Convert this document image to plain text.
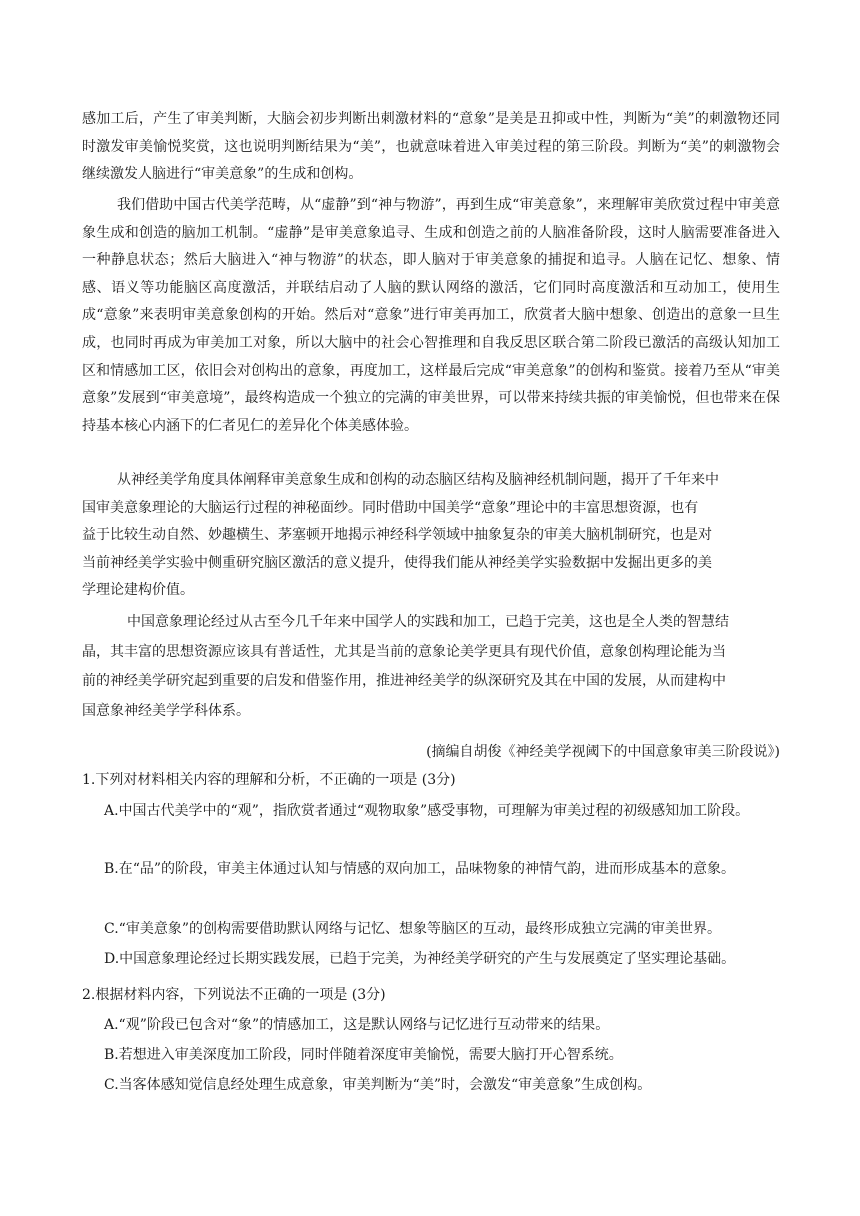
感加工后，产生了审美判断，大脑会初步判断出刺激材料的“意象”是美是丑抑或中性，判断为“美”的刺激物还同时激发审美愉悦奖赏，这也说明判断结果为“美”，也就意味着进入审美过程的第三阶段。判断为“美”的刺激物会继续激发人脑进行“审美意象”的生成和创构。

我们借助中国古代美学范畴，从“虚静”到“神与物游”，再到生成“审美意象”，来理解审美欣赏过程中审美意象生成和创造的脑加工机制。“虚静”是审美意象追寻、生成和创造之前的人脑准备阶段，这时人脑需要准备进入一种静息状态；然后大脑进入“神与物游”的状态，即人脑对于审美意象的捕捉和追寻。人脑在记忆、想象、情感、语义等功能脑区高度激活，并联结启动了人脑的默认网络的激活，它们同时高度激活和互动加工，使用生成“意象”来表明审美意象创构的开始。然后对“意象”进行审美再加工，欣赏者大脑中想象、创造出的意象一旦生成，也同时再成为审美加工对象，所以大脑中的社会心智推理和自我反思区联合第二阶段已激活的高级认知加工区和情感加工区，依旧会对创构出的意象，再度加工，这样最后完成“审美意象”的创构和鉴赏。接着乃至从“审美意象”发展到“审美意境”，最终构造成一个独立的完满的审美世界，可以带来持续共振的审美愉悦，但也带来在保持基本核心内涵下的仁者见仁的差异化个体美感体验。

从神经美学角度具体阐释审美意象生成和创构的动态脑区结构及脑神经机制问题，揭开了千年来中
国审美意象理论的大脑运行过程的神秘面纱。同时借助中国美学“意象”理论中的丰富思想资源，也有
益于比较生动自然、妙趣横生、茅塞顿开地揭示神经科学领域中抽象复杂的审美大脑机制研究，也是对
当前神经美学实验中侧重研究脑区激活的意义提升，使得我们能从神经美学实验数据中发掘出更多的美
学理论建构价值。

中国意象理论经过从古至今几千年来中国学人的实践和加工，已趋于完美，这也是全人类的智慧结
晶，其丰富的思想资源应该具有普适性，尤其是当前的意象论美学更具有现代价值，意象创构理论能为当
前的神经美学研究起到重要的启发和借鉴作用，推进神经美学的纵深研究及其在中国的发展，从而建构中
国意象神经美学学科体系。

(摘编自胡俊《神经美学视阈下的中国意象审美三阶段说》)

1.下列对材料相关内容的理解和分析，不正确的一项是 (3分)

A.中国古代美学中的“观”，指欣赏者通过“观物取象”感受事物，可理解为审美过程的初级感知加工阶段。

B.在“品”的阶段，审美主体通过认知与情感的双向加工，品味物象的神情气韵，进而形成基本的意象。

C.“审美意象”的创构需要借助默认网络与记忆、想象等脑区的互动，最终形成独立完满的审美世界。

D.中国意象理论经过长期实践发展，已趋于完美，为神经美学研究的产生与发展奠定了坚实理论基础。

2.根据材料内容，下列说法不正确的一项是 (3分)

A.“观”阶段已包含对“象”的情感加工，这是默认网络与记忆进行互动带来的结果。

B.若想进入审美深度加工阶段，同时伴随着深度审美愉悦，需要大脑打开心智系统。

C.当客体感知觉信息经处理生成意象，审美判断为“美”时，会激发“审美意象”生成创构。
